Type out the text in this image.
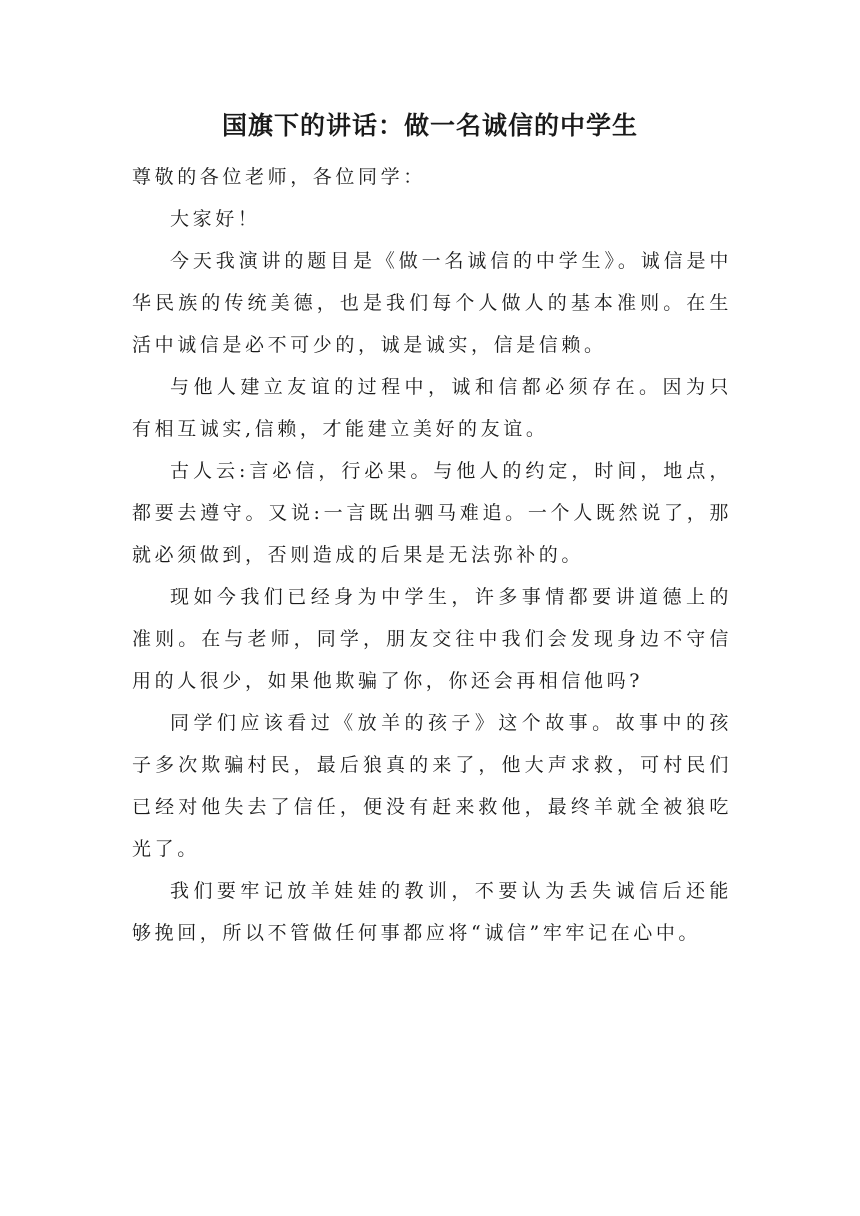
国旗下的讲话：做一名诚信的中学生

尊敬的各位老师，各位同学：

大家好！

今天我演讲的题目是《做一名诚信的中学生》。诚信是中华民族的传统美德，也是我们每个人做人的基本准则。在生活中诚信是必不可少的，诚是诚实，信是信赖。

与他人建立友谊的过程中，诚和信都必须存在。因为只有相互诚实,信赖，才能建立美好的友谊。

古人云:言必信，行必果。与他人的约定，时间，地点，都要去遵守。又说:一言既出驷马难追。一个人既然说了，那就必须做到，否则造成的后果是无法弥补的。

现如今我们已经身为中学生，许多事情都要讲道德上的准则。在与老师，同学，朋友交往中我们会发现身边不守信用的人很少，如果他欺骗了你，你还会再相信他吗?

同学们应该看过《放羊的孩子》这个故事。故事中的孩子多次欺骗村民，最后狼真的来了，他大声求救，可村民们已经对他失去了信任，便没有赶来救他，最终羊就全被狼吃光了。

我们要牢记放羊娃娃的教训，不要认为丢失诚信后还能够挽回，所以不管做任何事都应将“诚信”牢牢记在心中。
